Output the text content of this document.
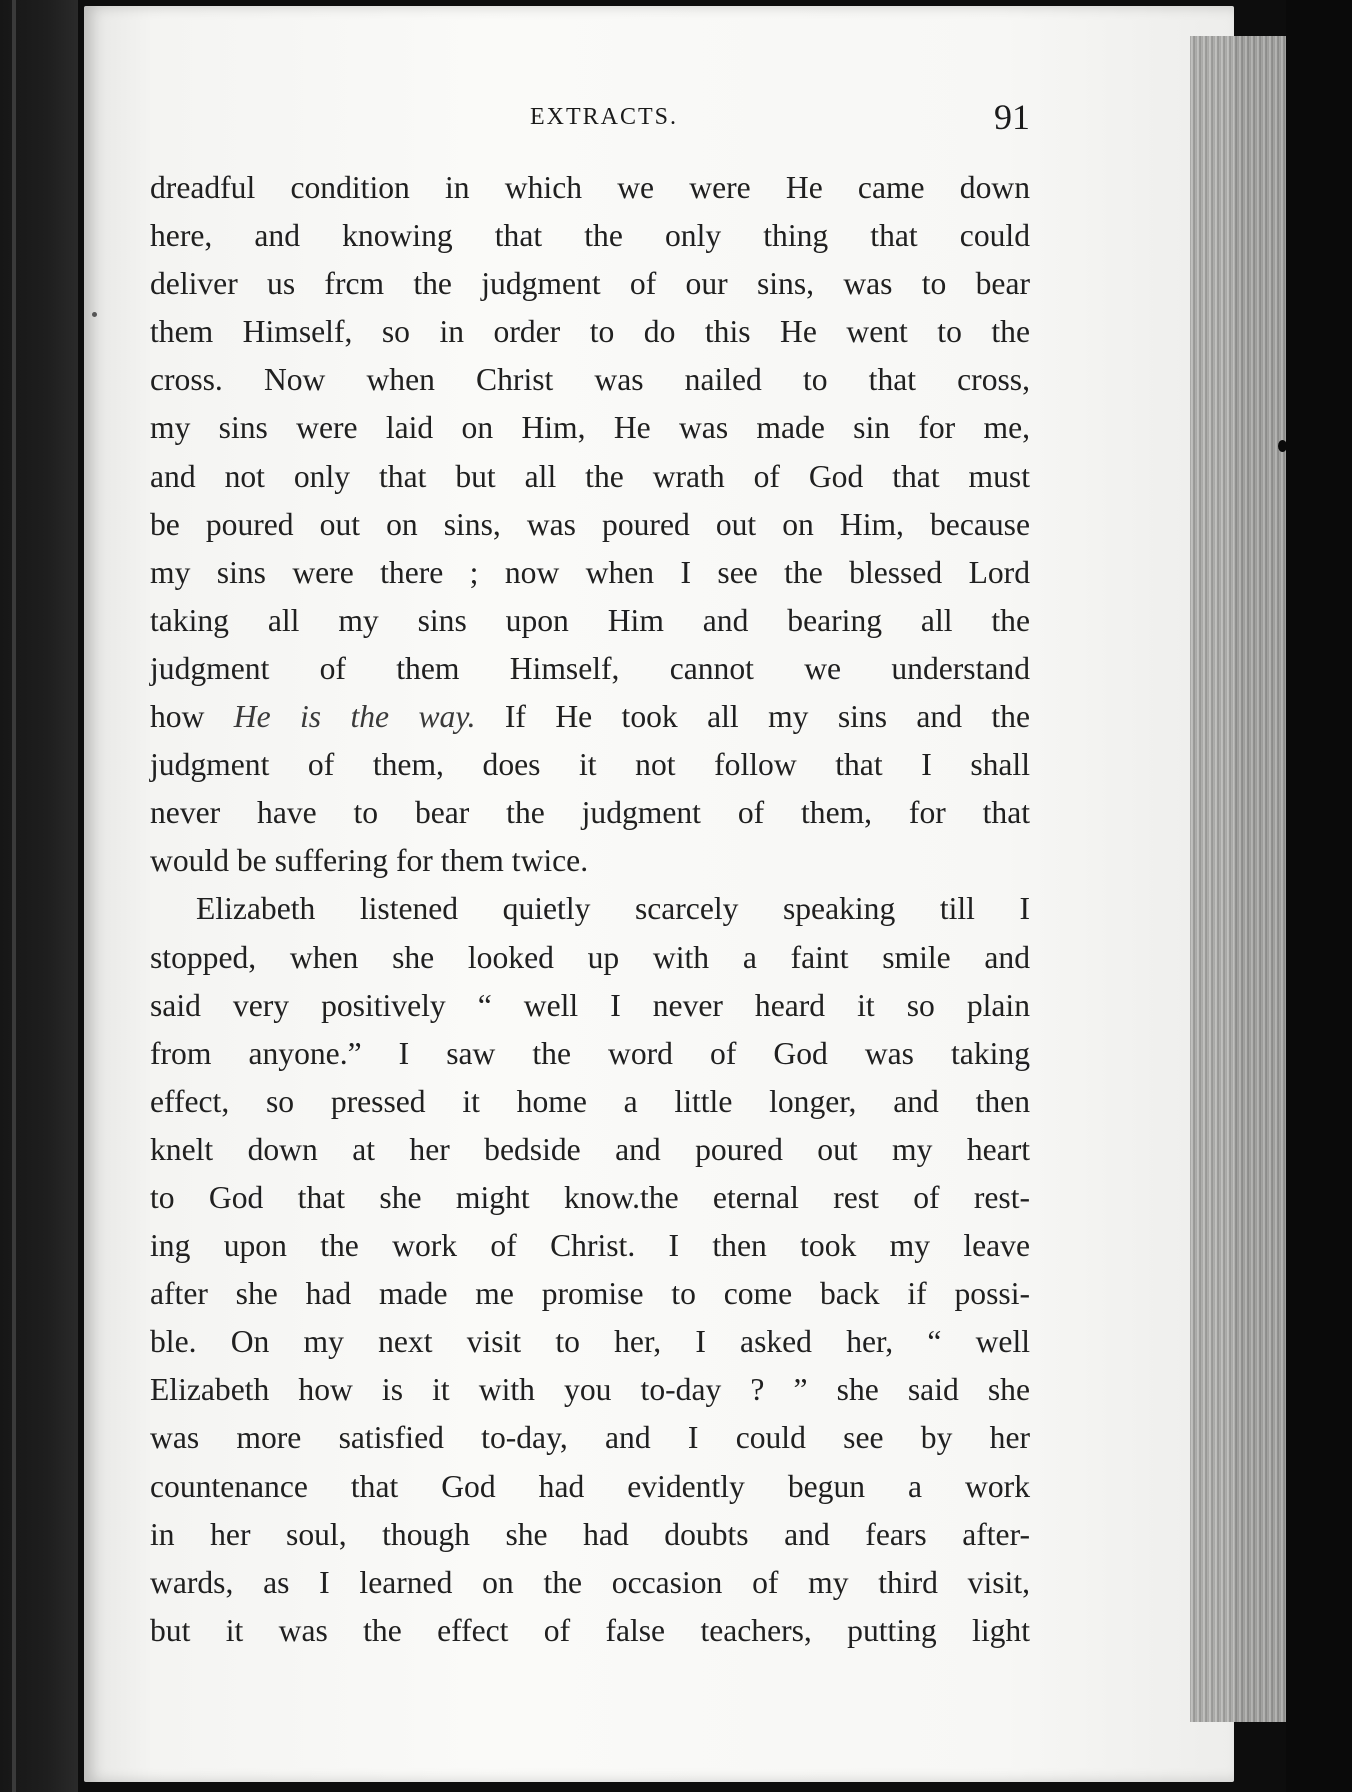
EXTRACTS.	91
dreadful condition in which we were He came down
here, and knowing that the only thing that could
deliver us frcm the judgment of our sins, was to bear
them Himself, so in order to do this He went to the
cross. Now when Christ was nailed to that cross,
my sins were laid on Him, He was made sin for me,
and not only that but all the wrath of God that must
be poured out on sins, was poured out on Him, because
my sins were there ; now when I see the blessed Lord
taking all my sins upon Him and bearing all the
judgment of them Himself, cannot we understand
how He is the way. If He took all my sins and the
judgment of them, does it not follow that I shall
never have to bear the judgment of them, for that
would be suffering for them twice.
Elizabeth listened quietly scarcely speaking till I
stopped, when she looked up with a faint smile and
said very positively “ well I never heard it so plain
from anyone.” I saw the word of God was taking
effect, so pressed it home a little longer, and then
knelt down at her bedside and poured out my heart
to God that she might know.the eternal rest of rest-
ing upon the work of Christ. I then took my leave
after she had made me promise to come back if possi-
ble. On my next visit to her, I asked her, “ well
Elizabeth how is it with you to-day ? ” she said she
was more satisfied to-day, and I could see by her
countenance that God had evidently begun a work
in her soul, though she had doubts and fears after-
wards, as I learned on the occasion of my third visit,
but it was the effect of false teachers, putting light
